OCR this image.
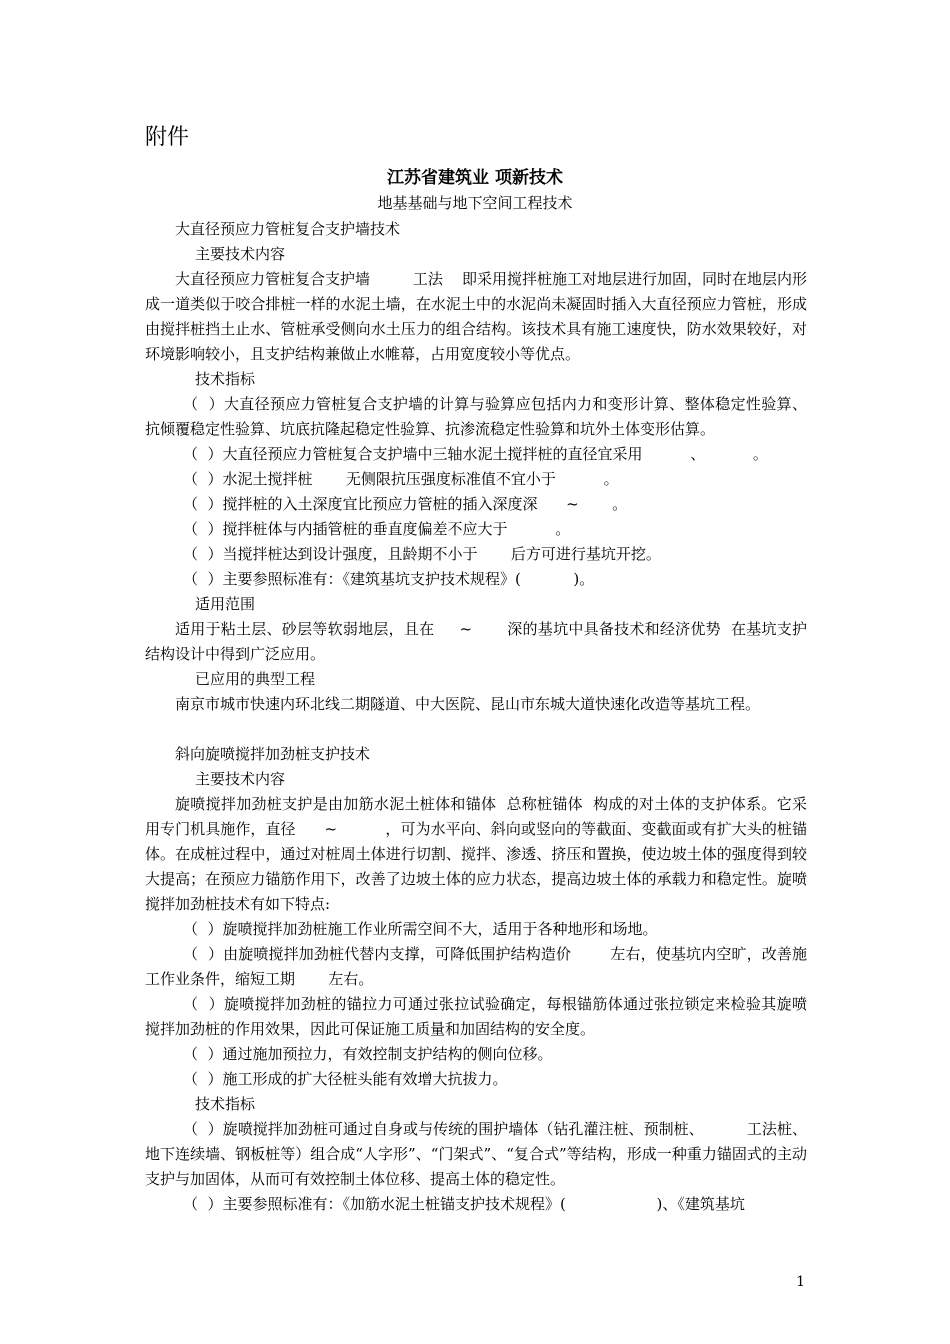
附件
江苏省建筑业 项新技术
地基基础与地下空间工程技术

大直径预应力管桩复合支护墙技术

主要技术内容

大直径预应力管桩复合支护墙         工法    即采用搅拌桩施工对地层进行加固，同时在地层内形成一道类似于咬合排桩一样的水泥土墙，在水泥土中的水泥尚未凝固时插入大直径预应力管桩，形成由搅拌桩挡土止水、管桩承受侧向水土压力的组合结构。该技术具有施工速度快，防水效果较好，对环境影响较小，且支护结构兼做止水帷幕，占用宽度较小等优点。

技术指标

（  ）大直径预应力管桩复合支护墙的计算与验算应包括内力和变形计算、整体稳定性验算、抗倾覆稳定性验算、坑底抗隆起稳定性验算、抗渗流稳定性验算和坑外土体变形估算。

（  ）大直径预应力管桩复合支护墙中三轴水泥土搅拌桩的直径宜采用          、          。

（  ）水泥土搅拌桩       无侧限抗压强度标准值不宜小于          。

（  ）搅拌桩的入土深度宜比预应力管桩的插入深度深      ~       。

（  ）搅拌桩体与内插管桩的垂直度偏差不应大于          。

（  ）当搅拌桩达到设计强度，且龄期不小于       后方可进行基坑开挖。

（  ）主要参照标准有：《建筑基坑支护技术规程》(           )。

适用范围

适用于粘土层、砂层等软弱地层，且在     ~       深的基坑中具备技术和经济优势  在基坑支护结构设计中得到广泛应用。

已应用的典型工程

南京市城市快速内环北线二期隧道、中大医院、昆山市东城大道快速化改造等基坑工程。

斜向旋喷搅拌加劲桩支护技术

主要技术内容

旋喷搅拌加劲桩支护是由加筋水泥土桩体和锚体  总称桩锚体  构成的对土体的支护体系。它采用专门机具施作，直径      ~          ，可为水平向、斜向或竖向的等截面、变截面或有扩大头的桩锚体。在成桩过程中，通过对桩周土体进行切割、搅拌、渗透、挤压和置换，使边坡土体的强度得到较大提高；在预应力锚筋作用下，改善了边坡土体的应力状态，提高边坡土体的承载力和稳定性。旋喷搅拌加劲桩技术有如下特点:

（  ）旋喷搅拌加劲桩施工作业所需空间不大，适用于各种地形和场地。

（  ）由旋喷搅拌加劲桩代替内支撑，可降低围护结构造价        左右，使基坑内空旷，改善施工作业条件，缩短工期       左右。

（  ）旋喷搅拌加劲桩的锚拉力可通过张拉试验确定，每根锚筋体通过张拉锁定来检验其旋喷搅拌加劲桩的作用效果，因此可保证施工质量和加固结构的安全度。

（  ）通过施加预拉力，有效控制支护结构的侧向位移。

（  ）施工形成的扩大径桩头能有效增大抗拔力。

技术指标

（  ）旋喷搅拌加劲桩可通过自身或与传统的围护墙体（钻孔灌注桩、预制桩、         工法桩、地下连续墙、钢板桩等）组合成“人字形”、“门架式”、“复合式”等结构，形成一种重力锚固式的主动支护与加固体，从而可有效控制土体位移、提高土体的稳定性。

（  ）主要参照标准有：《加筋水泥土桩锚支护技术规程》(                   )、《建筑基坑

1
